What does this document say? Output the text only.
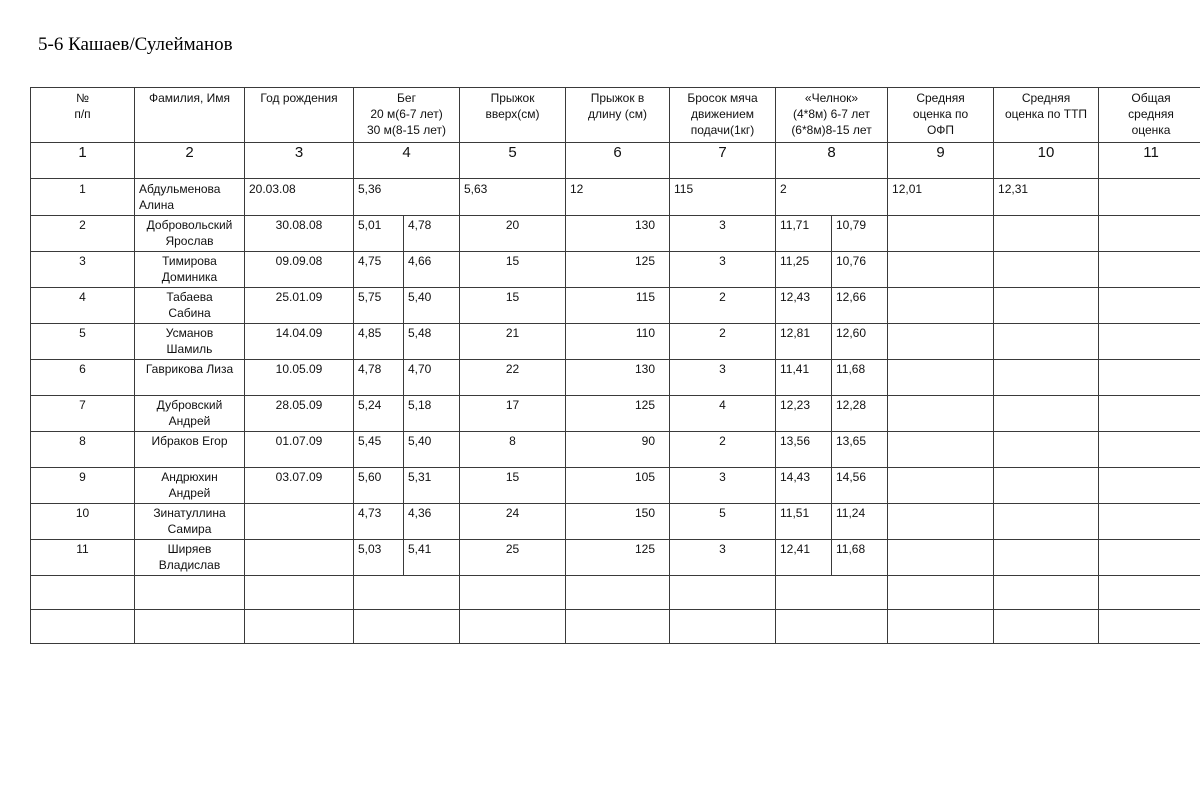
5-6 Кашаев/Сулейманов
№
п/п	Фамилия, Имя	Год рождения	Бег
20 м(6-7 лет)
30 м(8-15 лет)		Прыжок
вверх(см)	Прыжок в
длину (см)	Бросок мяча
движением
подачи(1кг)	«Челнок»
(4*8м) 6-7 лет
(6*8м)8-15 лет		Средняя
оценка по
ОФП	Средняя
оценка по ТТП	Общая
средняя
оценка

1	2	3	4		5	6	7	8		9	10	11
1	Абдульменова
Алина	20.03.08	5,36		5,63	12	115	2		12,01	12,31	
2	Добровольский
Ярослав	30.08.08	5,01	4,78	20	130	3	11,71	10,79			
3	Тимирова
Доминика	09.09.08	4,75	4,66	15	125	3	11,25	10,76			
4	Табаева
Сабина	25.01.09	5,75	5,40	15	115	2	12,43	12,66			
5	Усманов
Шамиль	14.04.09	4,85	5,48	21	110	2	12,81	12,60			
6	Гаврикова Лиза	10.05.09	4,78	4,70	22	130	3	11,41	11,68			
7	Дубровский
Андрей	28.05.09	5,24	5,18	17	125	4	12,23	12,28			
8	Ибраков Егор	01.07.09	5,45	5,40	8	90	2	13,56	13,65			
9	Андрюхин
Андрей	03.07.09	5,60	5,31	15	105	3	14,43	14,56			
10	Зинатуллина
Самира		4,73	4,36	24	150	5	11,51	11,24			
11	Ширяев
Владислав		5,03	5,41	25	125	3	12,41	11,68			
